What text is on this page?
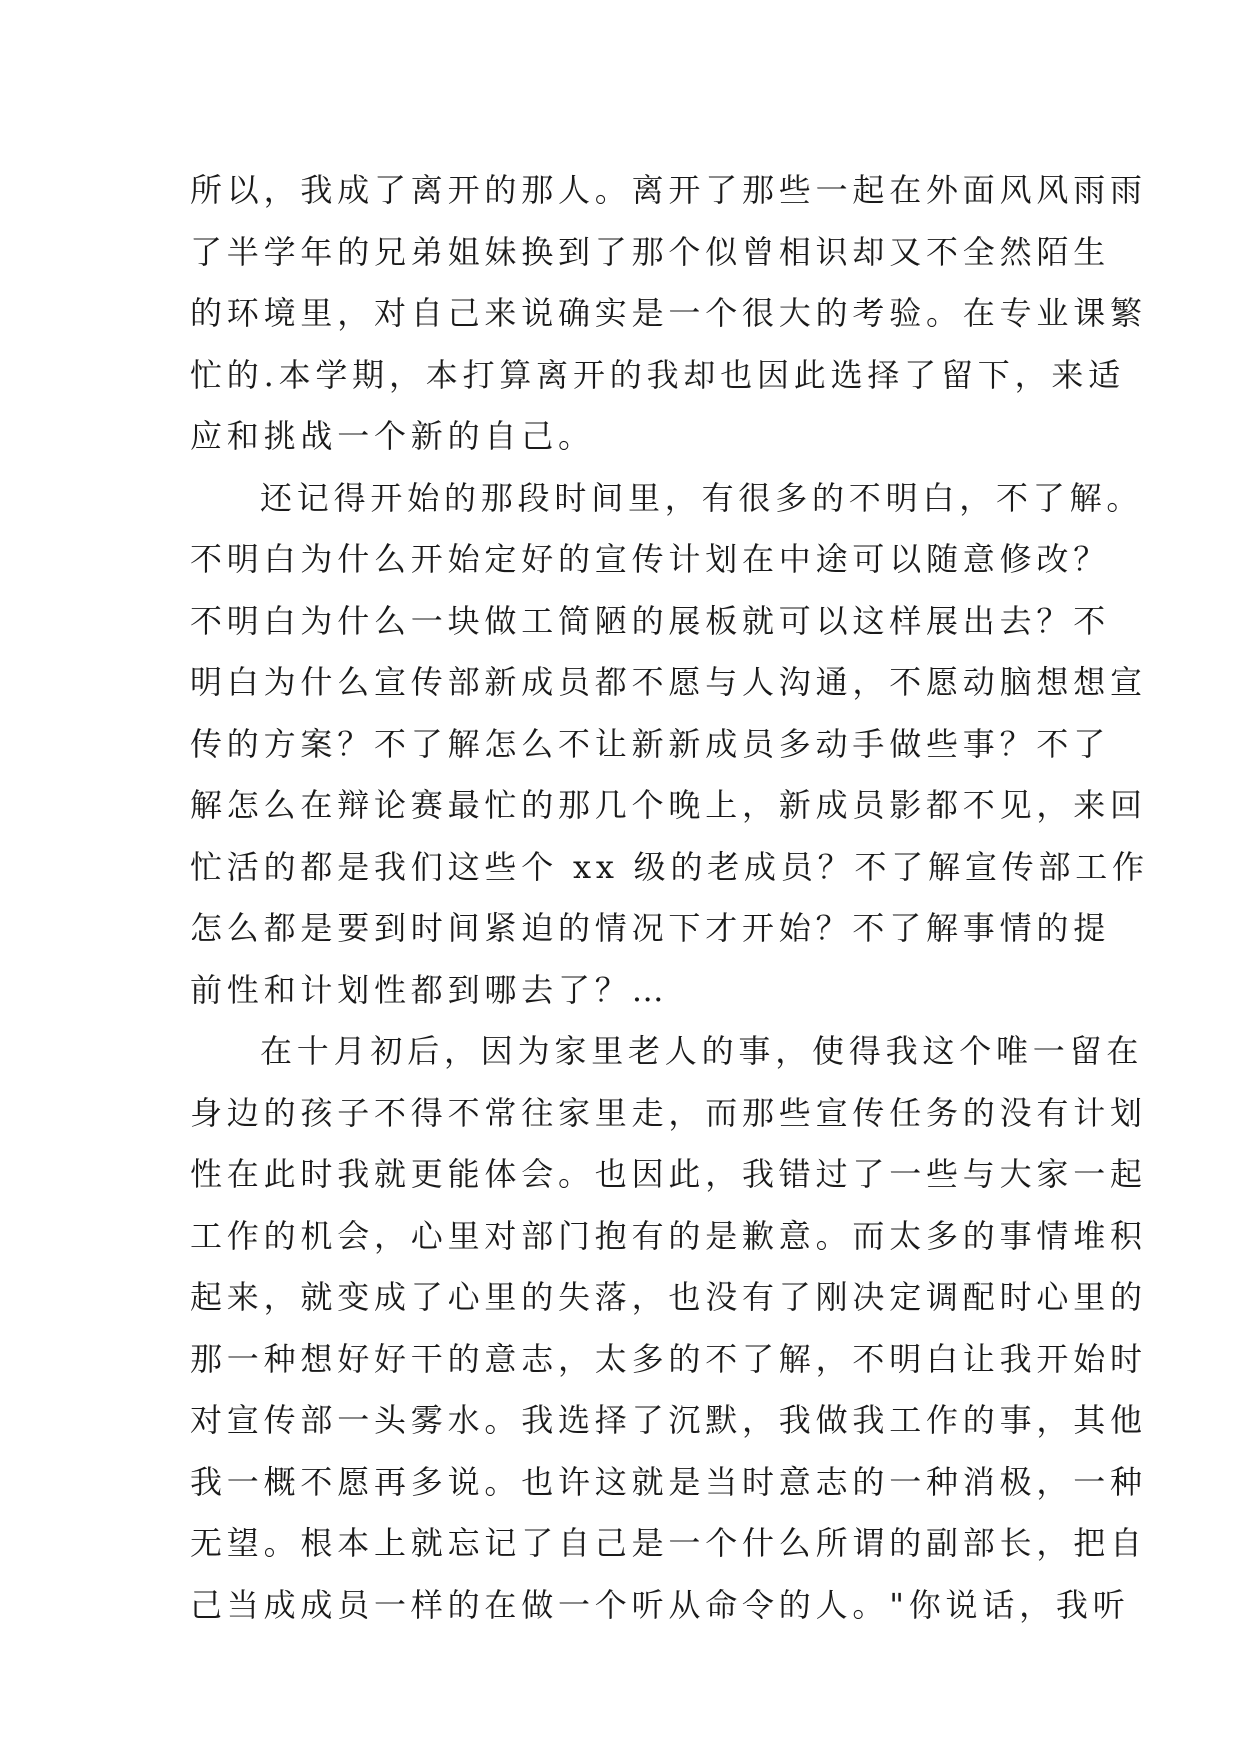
所以，我成了离开的那人。离开了那些一起在外面风风雨雨
了半学年的兄弟姐妹换到了那个似曾相识却又不全然陌生
的环境里，对自己来说确实是一个很大的考验。在专业课繁
忙的.本学期，本打算离开的我却也因此选择了留下，来适
应和挑战一个新的自己。
还记得开始的那段时间里，有很多的不明白，不了解。
不明白为什么开始定好的宣传计划在中途可以随意修改？
不明白为什么一块做工简陋的展板就可以这样展出去？不
明白为什么宣传部新成员都不愿与人沟通，不愿动脑想想宣
传的方案？不了解怎么不让新新成员多动手做些事？不了
解怎么在辩论赛最忙的那几个晚上，新成员影都不见，来回
忙活的都是我们这些个 xx 级的老成员？不了解宣传部工作
怎么都是要到时间紧迫的情况下才开始？不了解事情的提
前性和计划性都到哪去了？…
在十月初后，因为家里老人的事，使得我这个唯一留在
身边的孩子不得不常往家里走，而那些宣传任务的没有计划
性在此时我就更能体会。也因此，我错过了一些与大家一起
工作的机会，心里对部门抱有的是歉意。而太多的事情堆积
起来，就变成了心里的失落，也没有了刚决定调配时心里的
那一种想好好干的意志，太多的不了解，不明白让我开始时
对宣传部一头雾水。我选择了沉默，我做我工作的事，其他
我一概不愿再多说。也许这就是当时意志的一种消极，一种
无望。根本上就忘记了自己是一个什么所谓的副部长，把自
己当成成员一样的在做一个听从命令的人。"你说话，我听
